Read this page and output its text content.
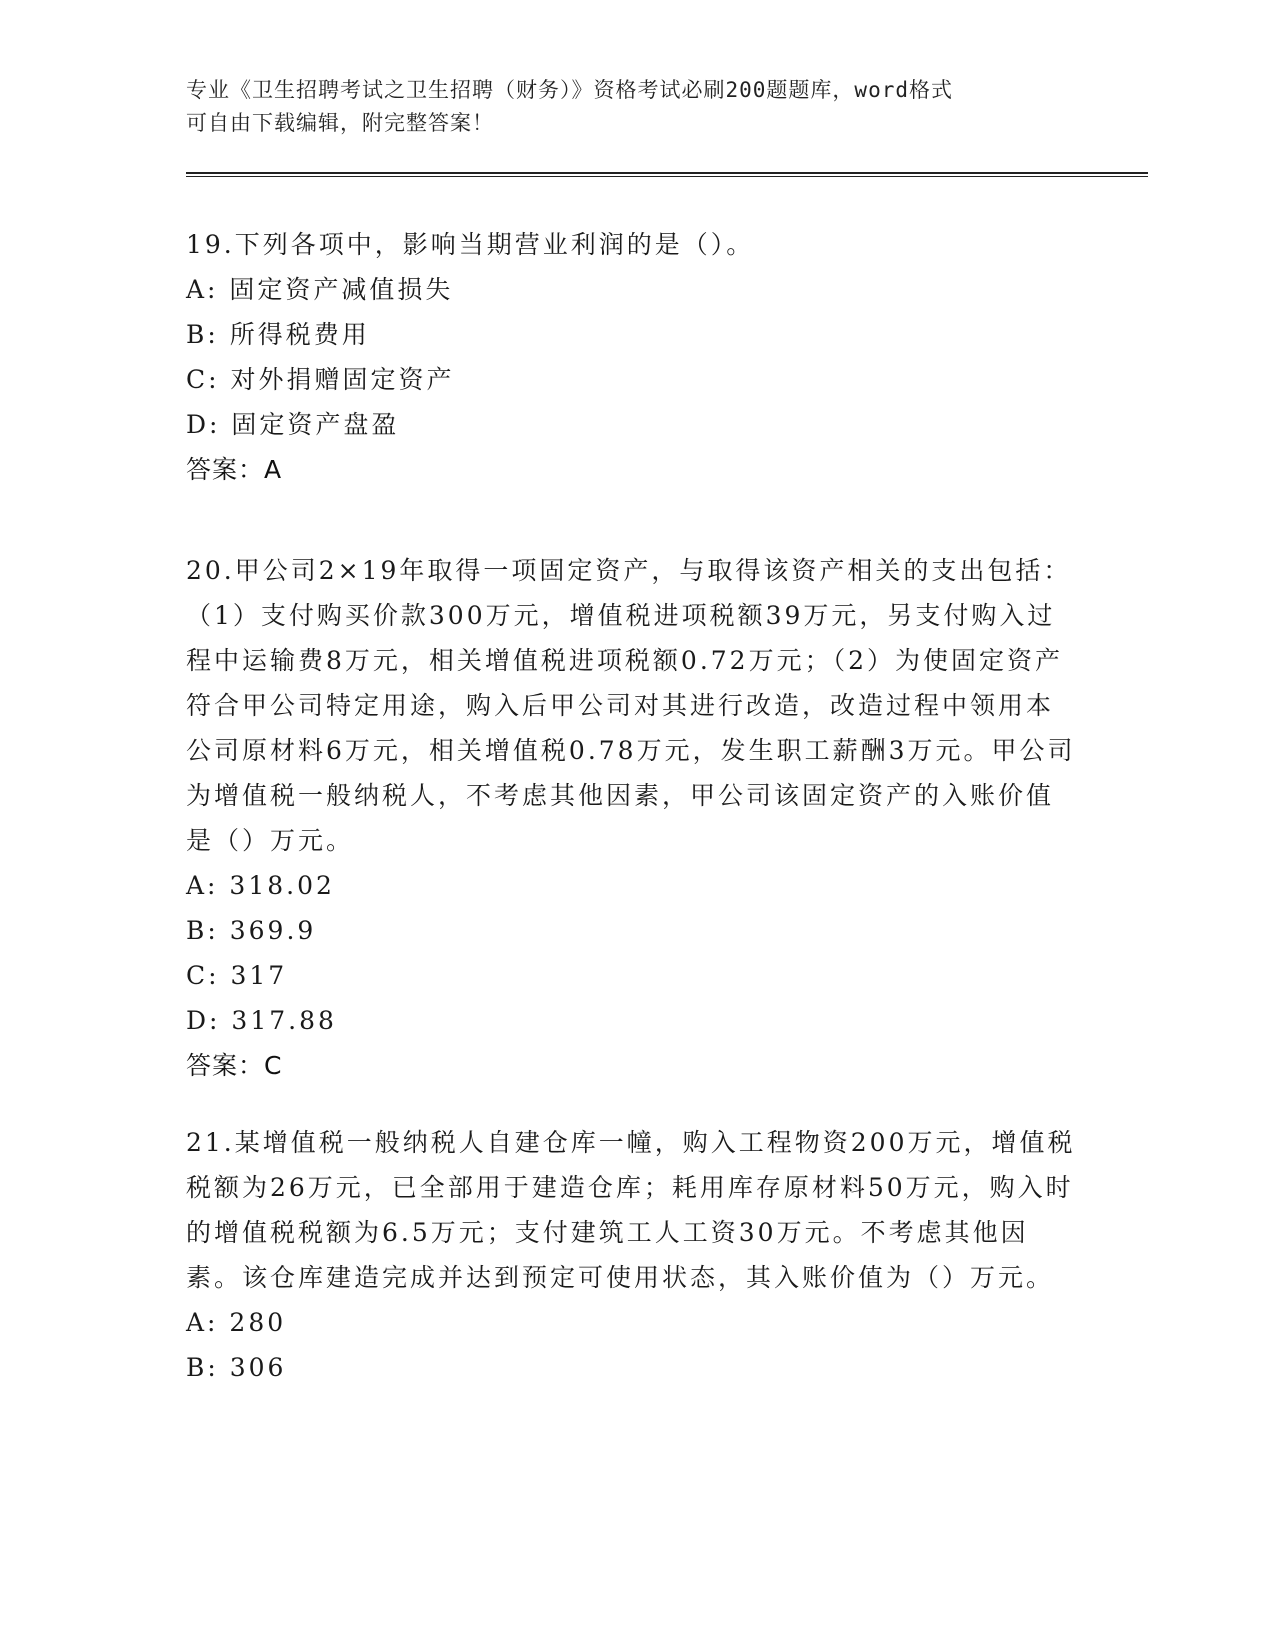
专业《卫生招聘考试之卫生招聘（财务）》资格考试必刷200题题库，word格式
可自由下载编辑，附完整答案！

19.下列各项中，影响当期营业利润的是（）。

A: 固定资产减值损失

B: 所得税费用

C: 对外捐赠固定资产

D: 固定资产盘盈

答案：A

20.甲公司2×19年取得一项固定资产，与取得该资产相关的支出包括：（1）支付购买价款300万元，增值税进项税额39万元，另支付购入过程中运输费8万元，相关增值税进项税额0.72万元；（2）为使固定资产符合甲公司特定用途，购入后甲公司对其进行改造，改造过程中领用本公司原材料6万元，相关增值税0.78万元，发生职工薪酬3万元。甲公司为增值税一般纳税人，不考虑其他因素，甲公司该固定资产的入账价值是（）万元。

A: 318.02

B: 369.9

C: 317

D: 317.88

答案：C

21.某增值税一般纳税人自建仓库一幢，购入工程物资200万元，增值税税额为26万元，已全部用于建造仓库；耗用库存原材料50万元，购入时的增值税税额为6.5万元；支付建筑工人工资30万元。不考虑其他因素。该仓库建造完成并达到预定可使用状态，其入账价值为（）万元。

A: 280

B: 306
